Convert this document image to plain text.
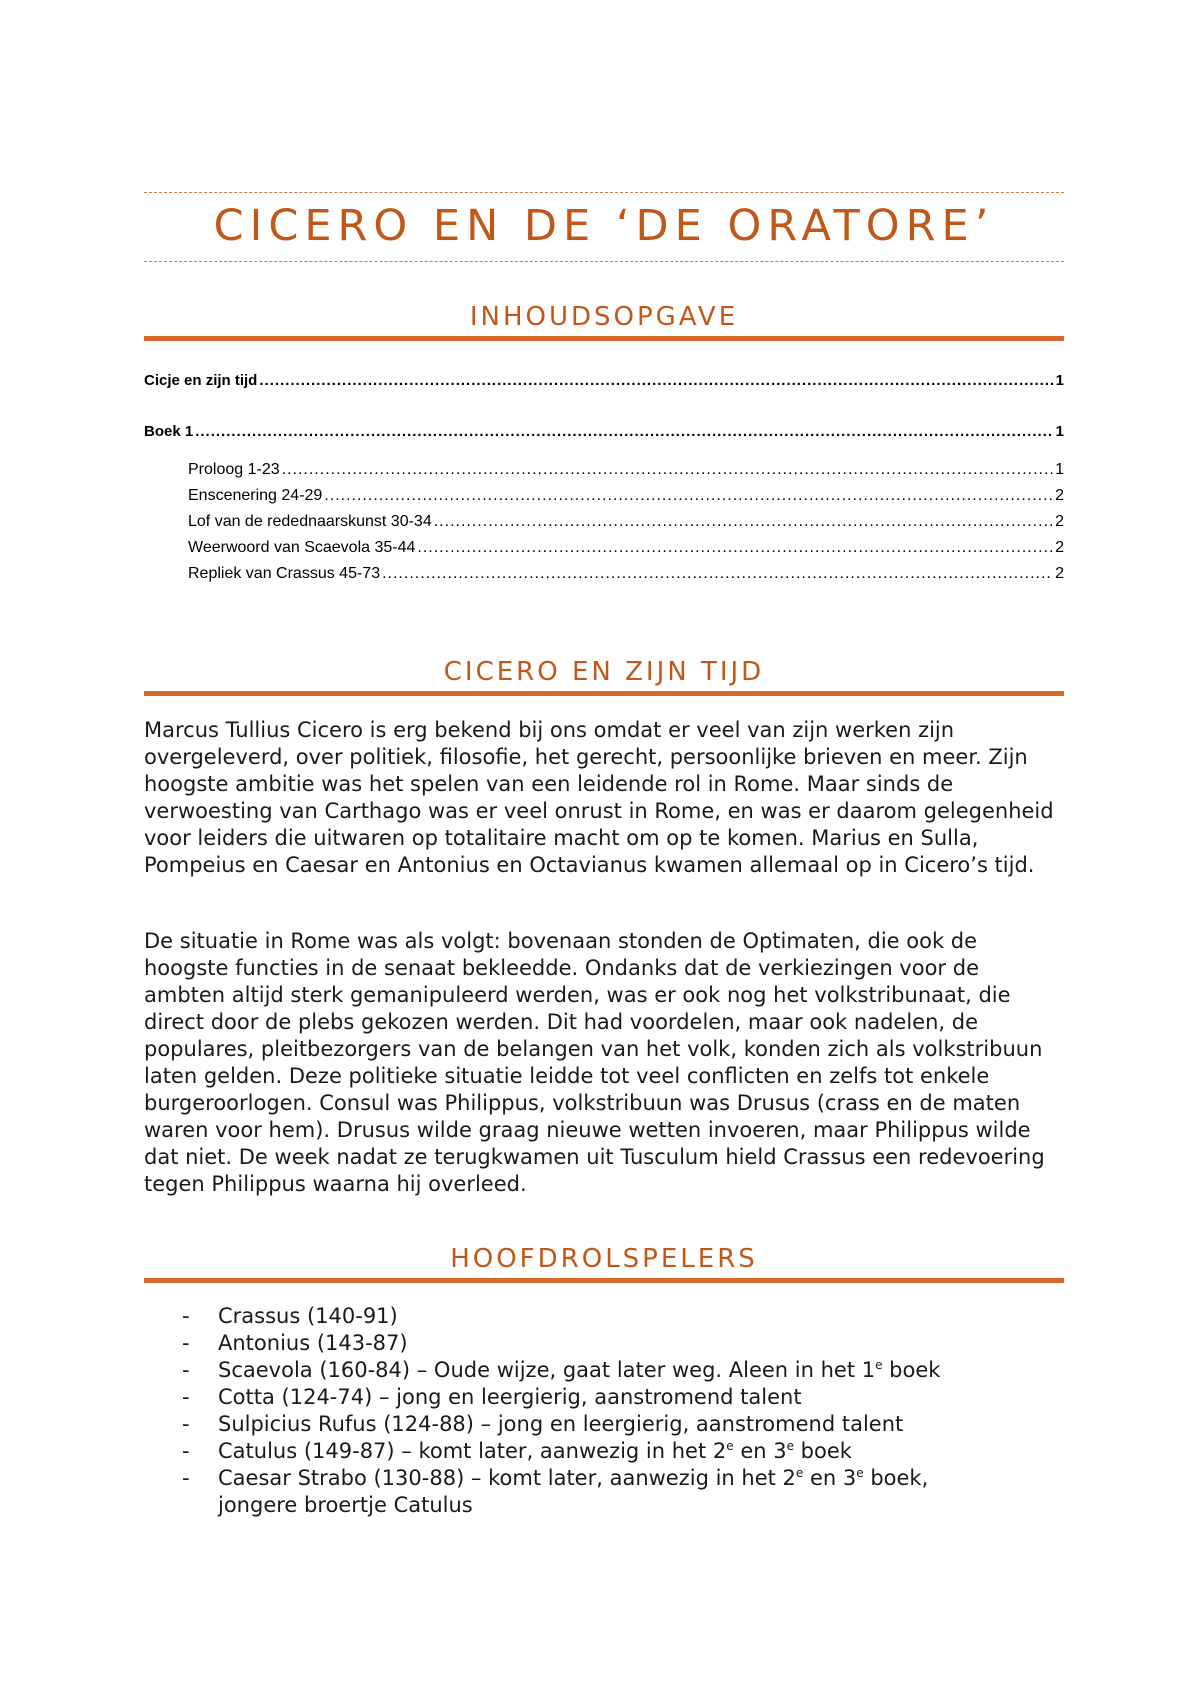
CICERO EN DE ‘DE ORATORE’
INHOUDSOPGAVE
Cicje en zijn tijd .....	1
Boek 1 .....	1
Proloog 1-23 .....	1
Enscenering 24-29 .....	2
Lof van de redednaarskunst 30-34 .....	2
Weerwoord van Scaevola 35-44 .....	2
Repliek van Crassus 45-73 .....	2
CICERO EN ZIJN TIJD

Marcus Tullius Cicero is erg bekend bij ons omdat er veel van zijn werken zijn overgeleverd, over politiek, filosofie, het gerecht, persoonlijke brieven en meer. Zijn hoogste ambitie was het spelen van een leidende rol in Rome. Maar sinds de verwoesting van Carthago was er veel onrust in Rome, en was er daarom gelegenheid voor leiders die uitwaren op totalitaire macht om op te komen. Marius en Sulla, Pompeius en Caesar en Antonius en Octavianus kwamen allemaal op in Cicero’s tijd.

De situatie in Rome was als volgt: bovenaan stonden de Optimaten, die ook de hoogste functies in de senaat bekleedde. Ondanks dat de verkiezingen voor de ambten altijd sterk gemanipuleerd werden, was er ook nog het volkstribunaat, die direct door de plebs gekozen werden. Dit had voordelen, maar ook nadelen, de populares, pleitbezorgers van de belangen van het volk, konden zich als volkstribuun laten gelden. Deze politieke situatie leidde tot veel conflicten en zelfs tot enkele burgeroorlogen. Consul was Philippus, volkstribuun was Drusus (crass en de maten waren voor hem). Drusus wilde graag nieuwe wetten invoeren, maar Philippus wilde dat niet. De week nadat ze terugkwamen uit Tusculum hield Crassus een redevoering tegen Philippus waarna hij overleed.

HOOFDROLSPELERS
-	Crassus (140-91)
-	Antonius (143-87)
-	Scaevola (160-84) – Oude wijze, gaat later weg. Aleen in het 1e boek
-	Cotta (124-74) – jong en leergierig, aanstromend talent
-	Sulpicius Rufus (124-88) – jong en leergierig, aanstromend talent
-	Catulus (149-87) – komt later, aanwezig in het 2e en 3e boek
-	Caesar Strabo (130-88) – komt later, aanwezig in het 2e en 3e boek, jongere broertje Catulus
